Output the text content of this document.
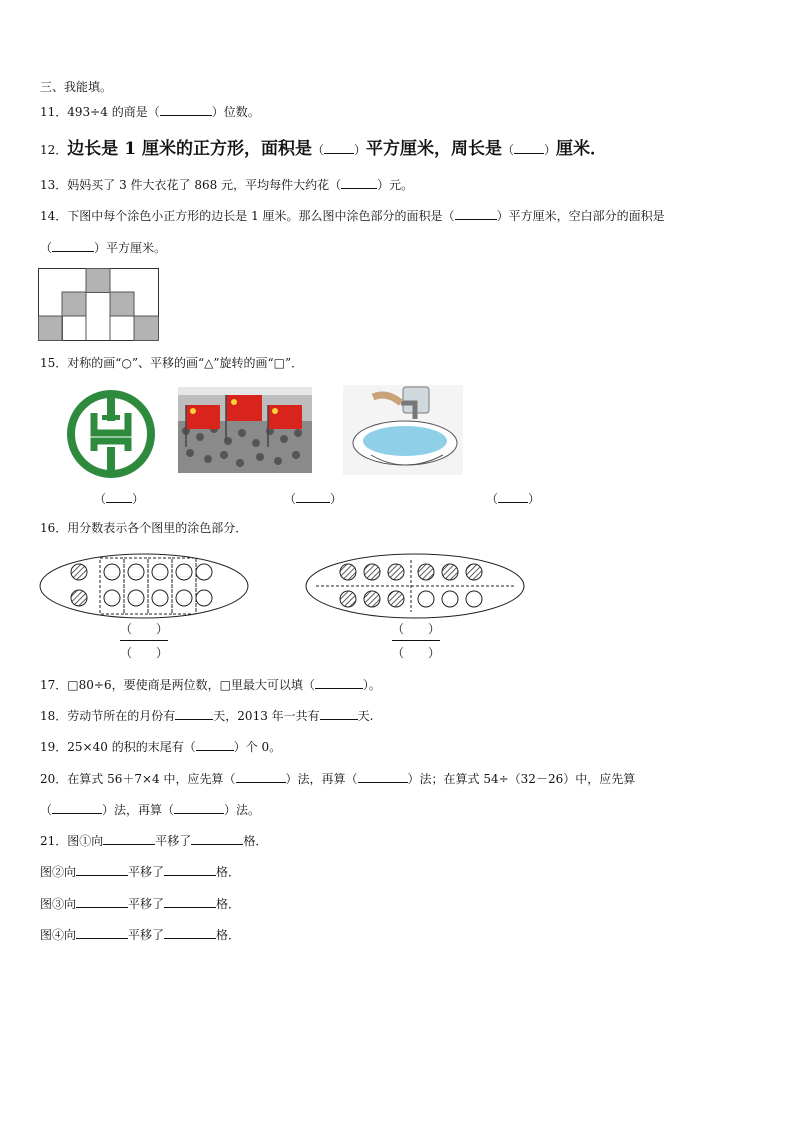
三、我能填。
11．493÷4 的商是（	）位数。
12．边长是 1 厘米的正方形，面积是（	）平方厘米，周长是（	）厘米．
13．妈妈买了 3 件大衣花了 868 元，平均每件大约花（	）元。
14．下图中每个涂色小正方形的边长是 1 厘米。那么图中涂色部分的面积是（	）平方厘米，空白部分的面积是
（	）平方厘米。
15．对称的画“○”、平移的画“△”旋转的画“□”．
（ ）	（	）	（	）
16．用分数表示各个图里的涂色部分．
（　　）
（　　）
（　　）
（　　）
17．□80÷6，要使商是两位数，□里最大可以填（	）。
18．劳动节所在的月份有	天，2013 年一共有	天.
19．25×40 的积的末尾有（	）个 0。
20．在算式 56＋7×4 中，应先算（	）法，再算（	）法；在算式 54÷（32－26）中，应先算
（	）法，再算（	）法。
21．图①向	平移了	格．
图②向	平移了	格．
图③向	平移了	格．
图④向	平移了	格．
